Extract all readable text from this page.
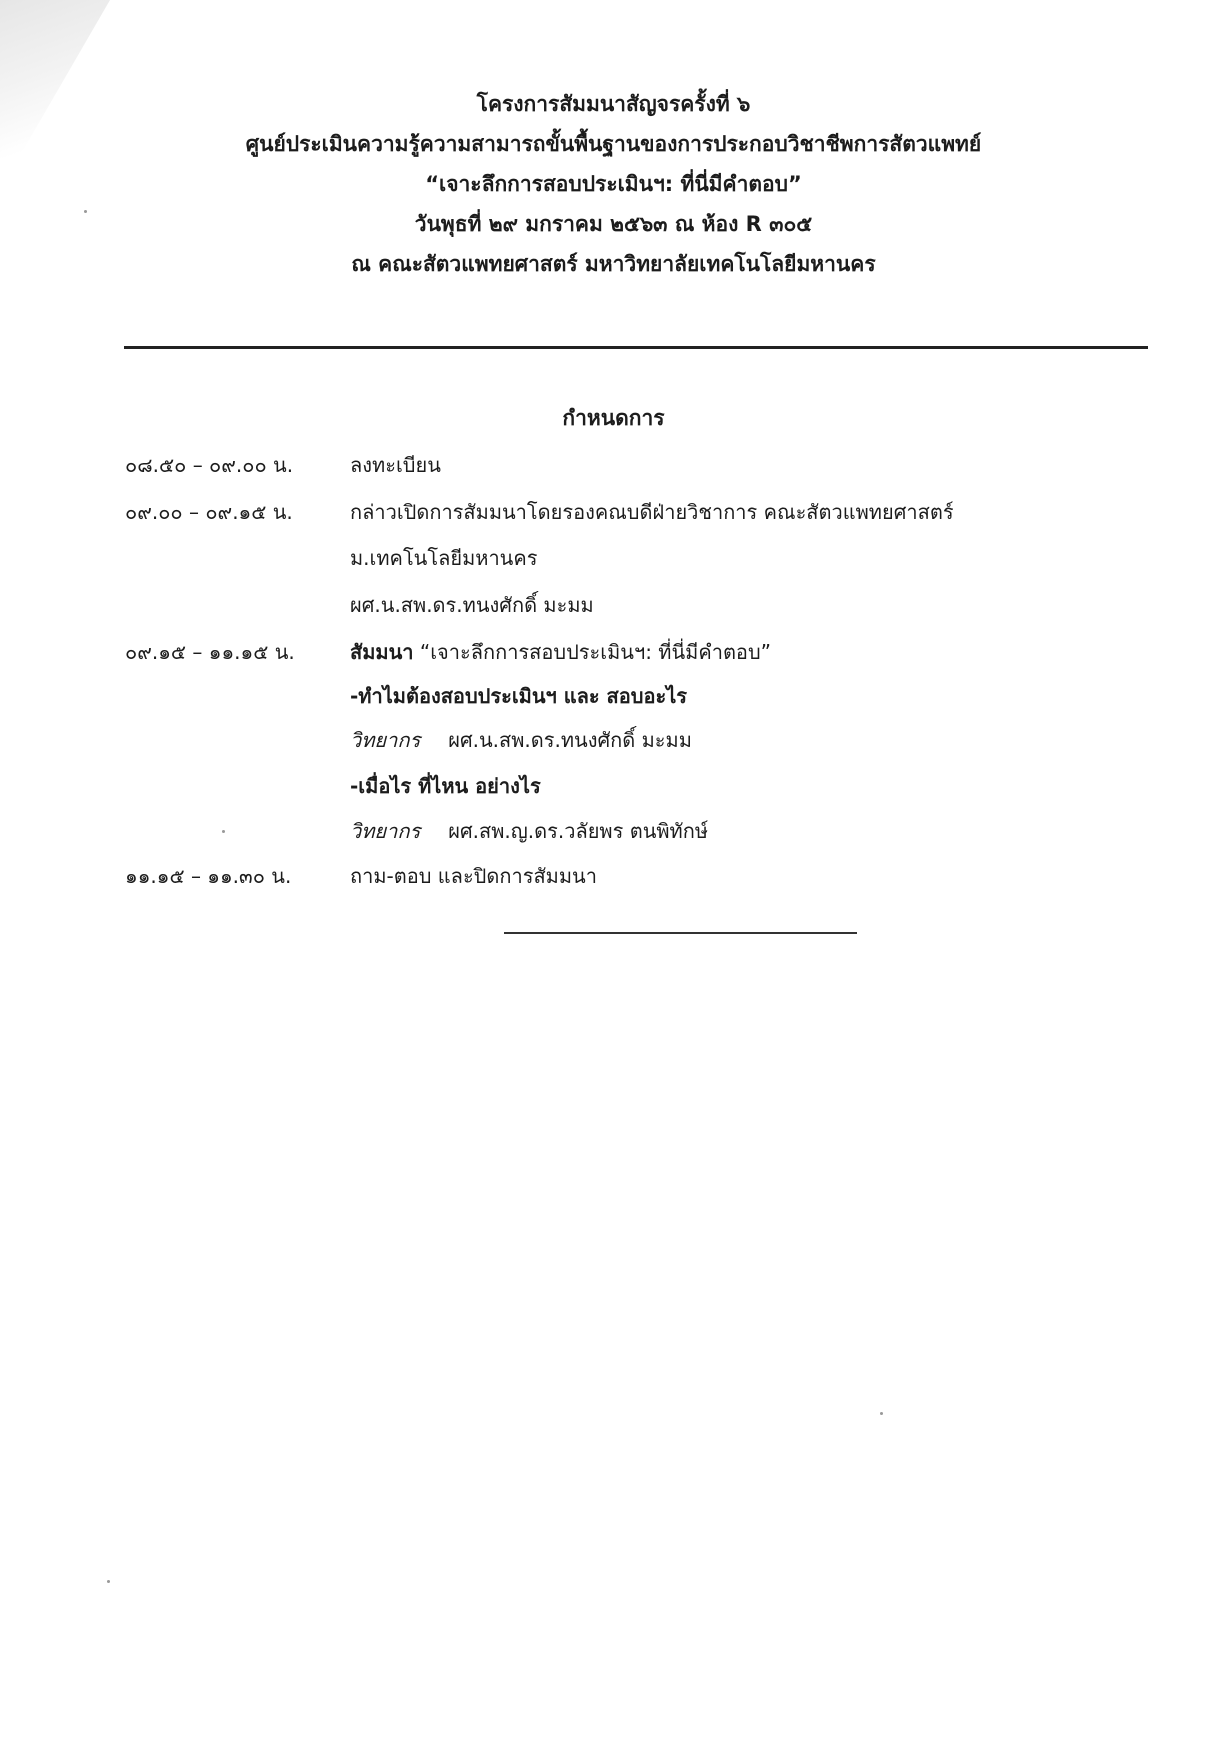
โครงการสัมมนาสัญจรครั้งที่ ๖
ศูนย์ประเมินความรู้ความสามารถขั้นพื้นฐานของการประกอบวิชาชีพการสัตวแพทย์
“เจาะลึกการสอบประเมินฯ: ที่นี่มีคำตอบ”
วันพุธที่ ๒๙ มกราคม ๒๕๖๓ ณ ห้อง R ๓๐๕
ณ คณะสัตวแพทยศาสตร์ มหาวิทยาลัยเทคโนโลยีมหานคร
กำหนดการ
๐๘.๕๐ – ๐๙.๐๐ น.	ลงทะเบียน
๐๙.๐๐ – ๐๙.๑๕ น.	กล่าวเปิดการสัมมนาโดยรองคณบดีฝ่ายวิชาการ คณะสัตวแพทยศาสตร์
ม.เทคโนโลยีมหานคร
ผศ.น.สพ.ดร.ทนงศักดิ์ มะมม
๐๙.๑๕ – ๑๑.๑๕ น.	สัมมนา “เจาะลึกการสอบประเมินฯ: ที่นี่มีคำตอบ”
-ทำไมต้องสอบประเมินฯ และ สอบอะไร
วิทยากร ผศ.น.สพ.ดร.ทนงศักดิ์ มะมม
-เมื่อไร ที่ไหน อย่างไร
วิทยากร ผศ.สพ.ญ.ดร.วลัยพร ตนพิทักษ์
๑๑.๑๕ – ๑๑.๓๐ น.	ถาม-ตอบ และปิดการสัมมนา
